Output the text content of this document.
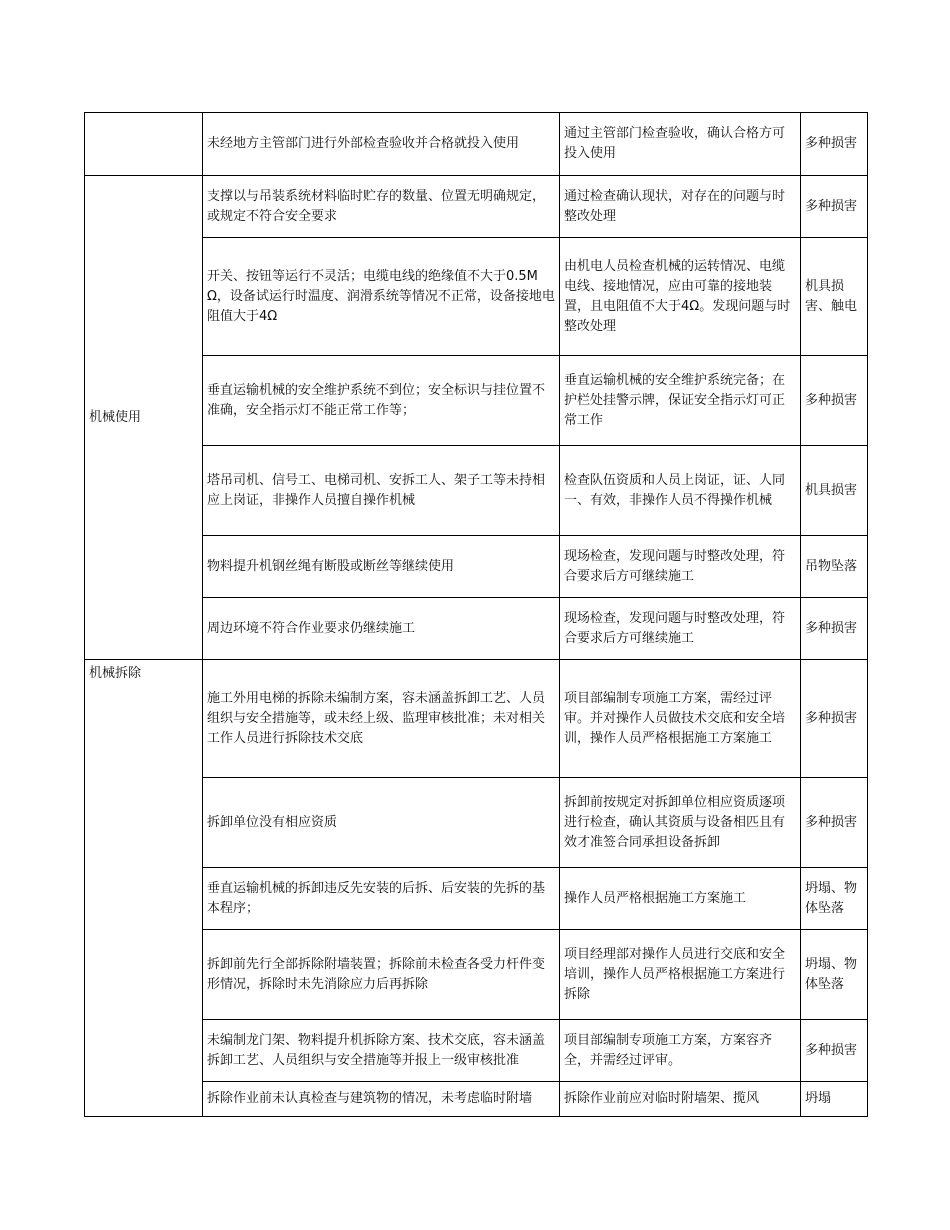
	未经地方主管部门进行外部检查验收并合格就投入使用	通过主管部门检查验收，确认合格方可投入使用	多种损害
机械使用	支撑以与吊装系统材料临时贮存的数量、位置无明确规定，或规定不符合安全要求	通过检查确认现状，对存在的问题与时整改处理	多种损害
	开关、按钮等运行不灵活；电缆电线的绝缘值不大于0.5MΩ，设备试运行时温度、润滑系统等情况不正常，设备接地电阻值大于4Ω	由机电人员检查机械的运转情况、电缆电线、接地情况，应由可靠的接地装置，且电阻值不大于4Ω。发现问题与时整改处理	机具损害、触电
	垂直运输机械的安全维护系统不到位；安全标识与挂位置不准确，安全指示灯不能正常工作等；	垂直运输机械的安全维护系统完备；在护栏处挂警示牌，保证安全指示灯可正常工作	多种损害
	塔吊司机、信号工、电梯司机、安拆工人、架子工等未持相应上岗证，非操作人员擅自操作机械	检查队伍资质和人员上岗证，证、人同一、有效，非操作人员不得操作机械	机具损害
	物料提升机钢丝绳有断股或断丝等继续使用	现场检查，发现问题与时整改处理，符合要求后方可继续施工	吊物坠落
	周边环境不符合作业要求仍继续施工	现场检查，发现问题与时整改处理，符合要求后方可继续施工	多种损害
机械拆除	施工外用电梯的拆除未编制方案，容未涵盖拆卸工艺、人员组织与安全措施等，或未经上级、监理审核批准；未对相关工作人员进行拆除技术交底	项目部编制专项施工方案，需经过评审。并对操作人员做技术交底和安全培训，操作人员严格根据施工方案施工	多种损害
	拆卸单位没有相应资质	拆卸前按规定对拆卸单位相应资质逐项进行检查，确认其资质与设备相匹且有效才准签合同承担设备拆卸	多种损害
	垂直运输机械的拆卸违反先安装的后拆、后安装的先拆的基本程序；	操作人员严格根据施工方案施工	坍塌、物体坠落
	拆卸前先行全部拆除附墙装置；拆除前未检查各受力杆件变形情况，拆除时未先消除应力后再拆除	项目经理部对操作人员进行交底和安全培训，操作人员严格根据施工方案进行拆除	坍塌、物体坠落
	未编制龙门架、物料提升机拆除方案、技术交底，容未涵盖拆卸工艺、人员组织与安全措施等并报上一级审核批准	项目部编制专项施工方案，方案容齐全，并需经过评审。	多种损害
	拆除作业前未认真检查与建筑物的情况，未考虑临时附墙	拆除作业前应对临时附墙架、揽风	坍塌
